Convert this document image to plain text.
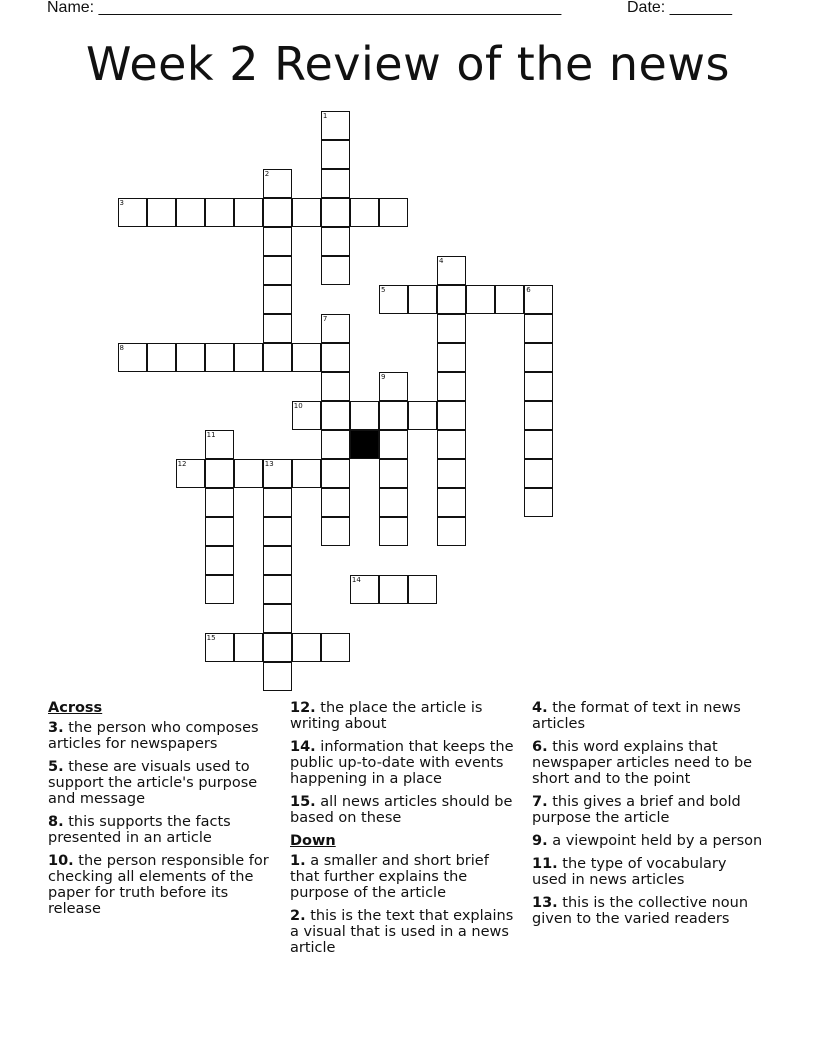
Name: ____________________________________________________	Date: _______
Week 2 Review of the news
3
5	6
8
10
12	13
14
15
1
2
4
7
9
11
Across
3. the person who composes articles for newspapers
5. these are visuals used to support the article's purpose and message
8. this supports the facts presented in an article
10. the person responsible for checking all elements of the paper for truth before its release
12. the place the article is writing about
14. information that keeps the public up-to-date with events happening in a place
15. all news articles should be based on these
Down
1. a smaller and short brief that further explains the purpose of the article
2. this is the text that explains a visual that is used in a news article
4. the format of text in news articles
6. this word explains that newspaper articles need to be short and to the point
7. this gives a brief and bold purpose the article
9. a viewpoint held by a person
11. the type of vocabulary used in news articles
13. this is the collective noun given to the varied readers
